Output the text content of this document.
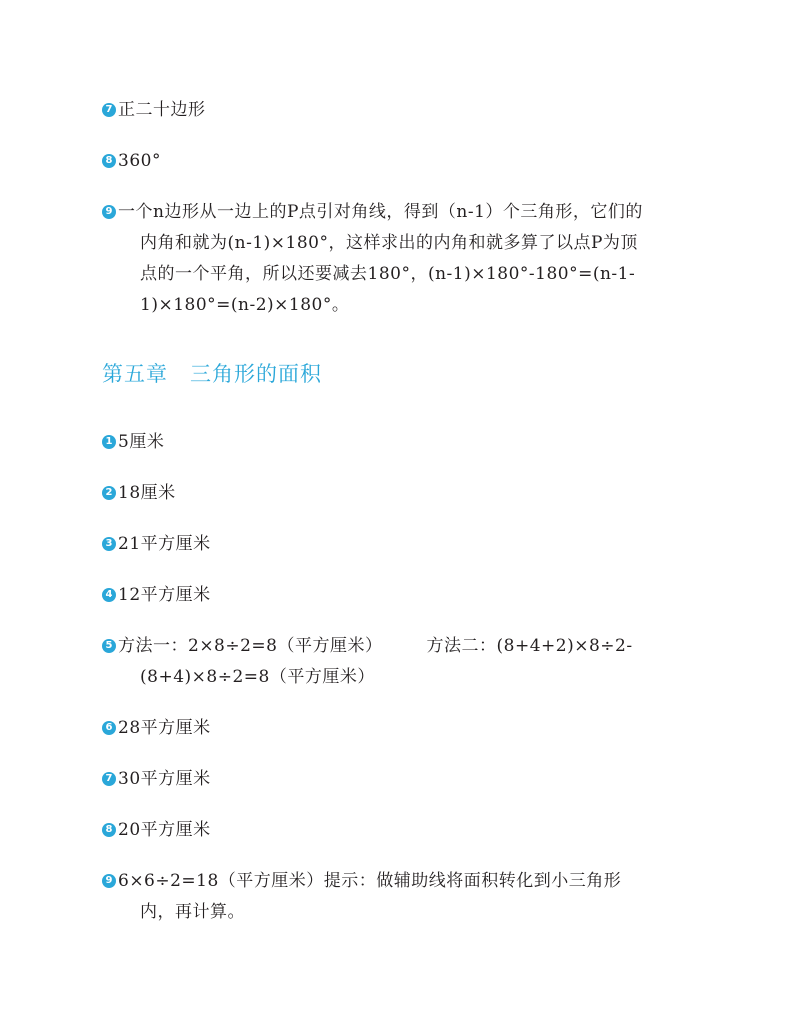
7 正二十边形
8 360°
9 一个n边形从一边上的P点引对角线，得到（n-1）个三角形，它们的
内角和就为(n-1)×180°，这样求出的内角和就多算了以点P为顶
点的一个平角，所以还要减去180°，(n-1)×180°-180°=(n-1-
1)×180°=(n-2)×180°。
第五章　三角形的面积
1 5厘米
2 18厘米
3 21平方厘米
4 12平方厘米
5 方法一：2×8÷2=8（平方厘米）　　　方法二：(8+4+2)×8÷2-
(8+4)×8÷2=8（平方厘米）
6 28平方厘米
7 30平方厘米
8 20平方厘米
9 6×6÷2=18（平方厘米）提示：做辅助线将面积转化到小三角形
内，再计算。
